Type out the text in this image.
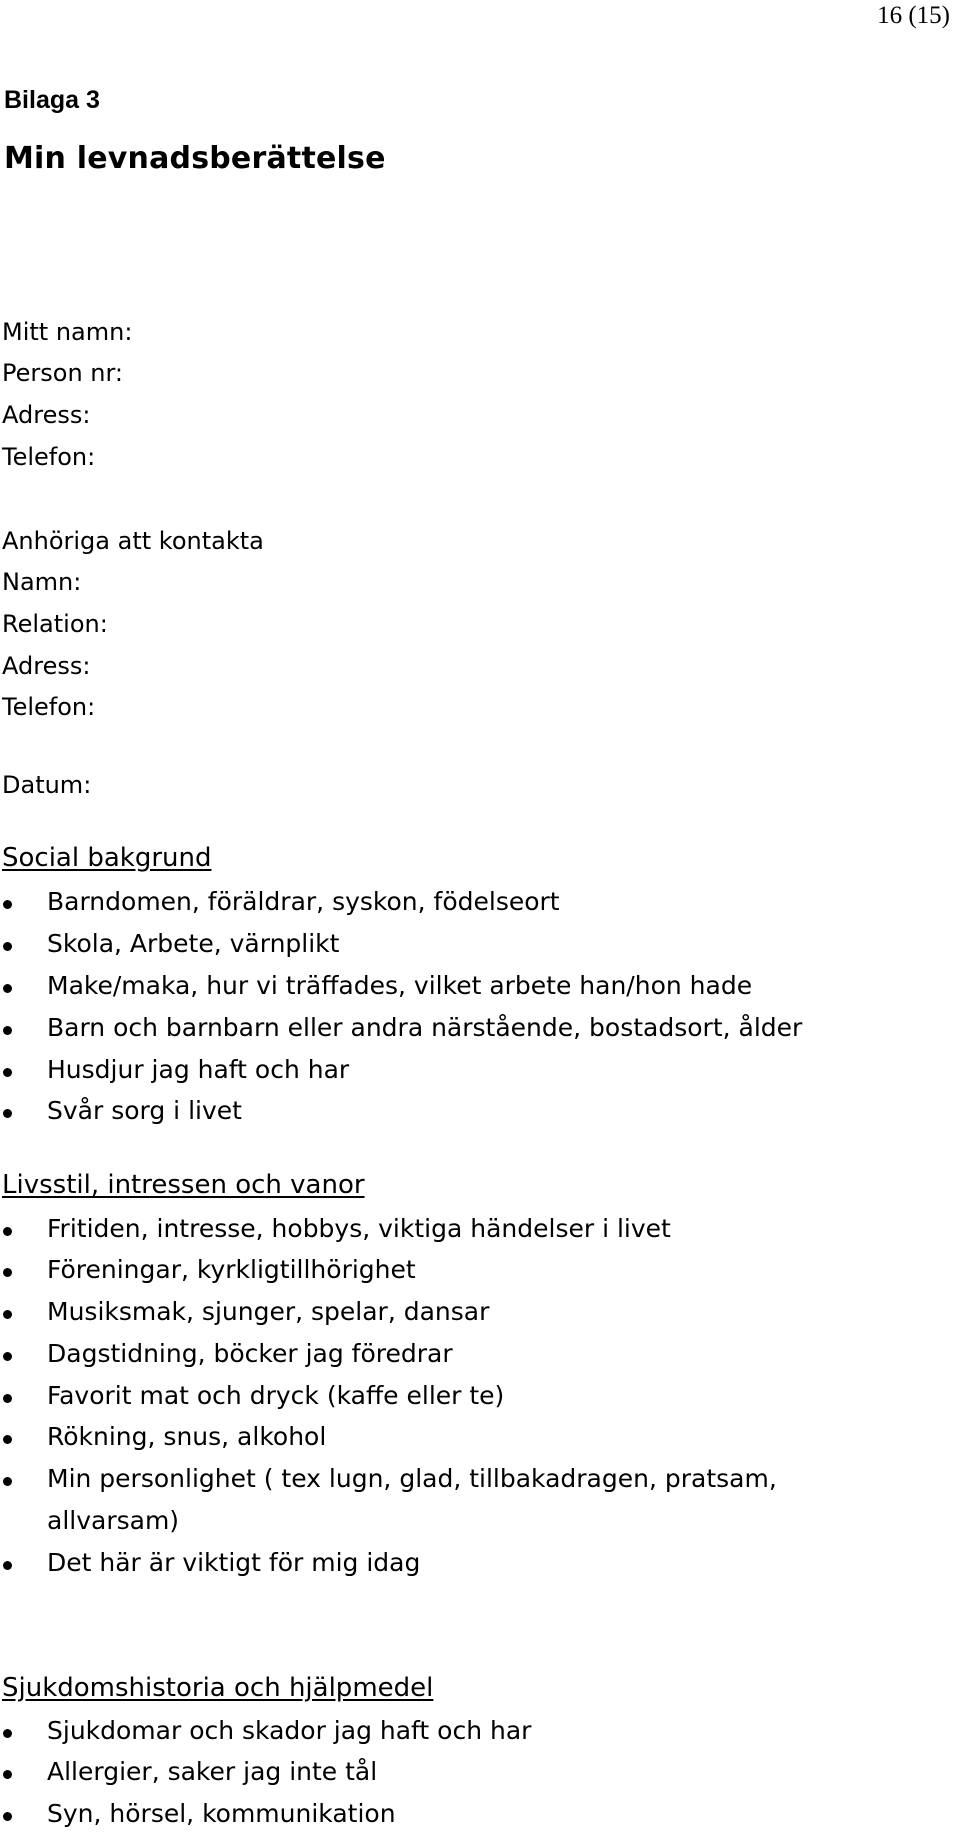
16 (15)
Bilaga 3
Min levnadsberättelse
Mitt namn:
Person nr:
Adress:
Telefon:
Anhöriga att kontakta
Namn:
Relation:
Adress:
Telefon:
Datum:
Social bakgrund
Barndomen, föräldrar, syskon, födelseort
Skola, Arbete, värnplikt
Make/maka, hur vi träffades, vilket arbete han/hon hade
Barn och barnbarn eller andra närstående, bostadsort, ålder
Husdjur jag haft och har
Svår sorg i livet
Livsstil, intressen och vanor
Fritiden, intresse, hobbys, viktiga händelser i livet
Föreningar, kyrkligtillhörighet
Musiksmak, sjunger, spelar, dansar
Dagstidning, böcker jag föredrar
Favorit mat och dryck (kaffe eller te)
Rökning, snus, alkohol
Min personlighet ( tex lugn, glad, tillbakadragen, pratsam,
allvarsam)
Det här är viktigt för mig idag
Sjukdomshistoria och hjälpmedel
Sjukdomar och skador jag haft och har
Allergier, saker jag inte tål
Syn, hörsel, kommunikation
